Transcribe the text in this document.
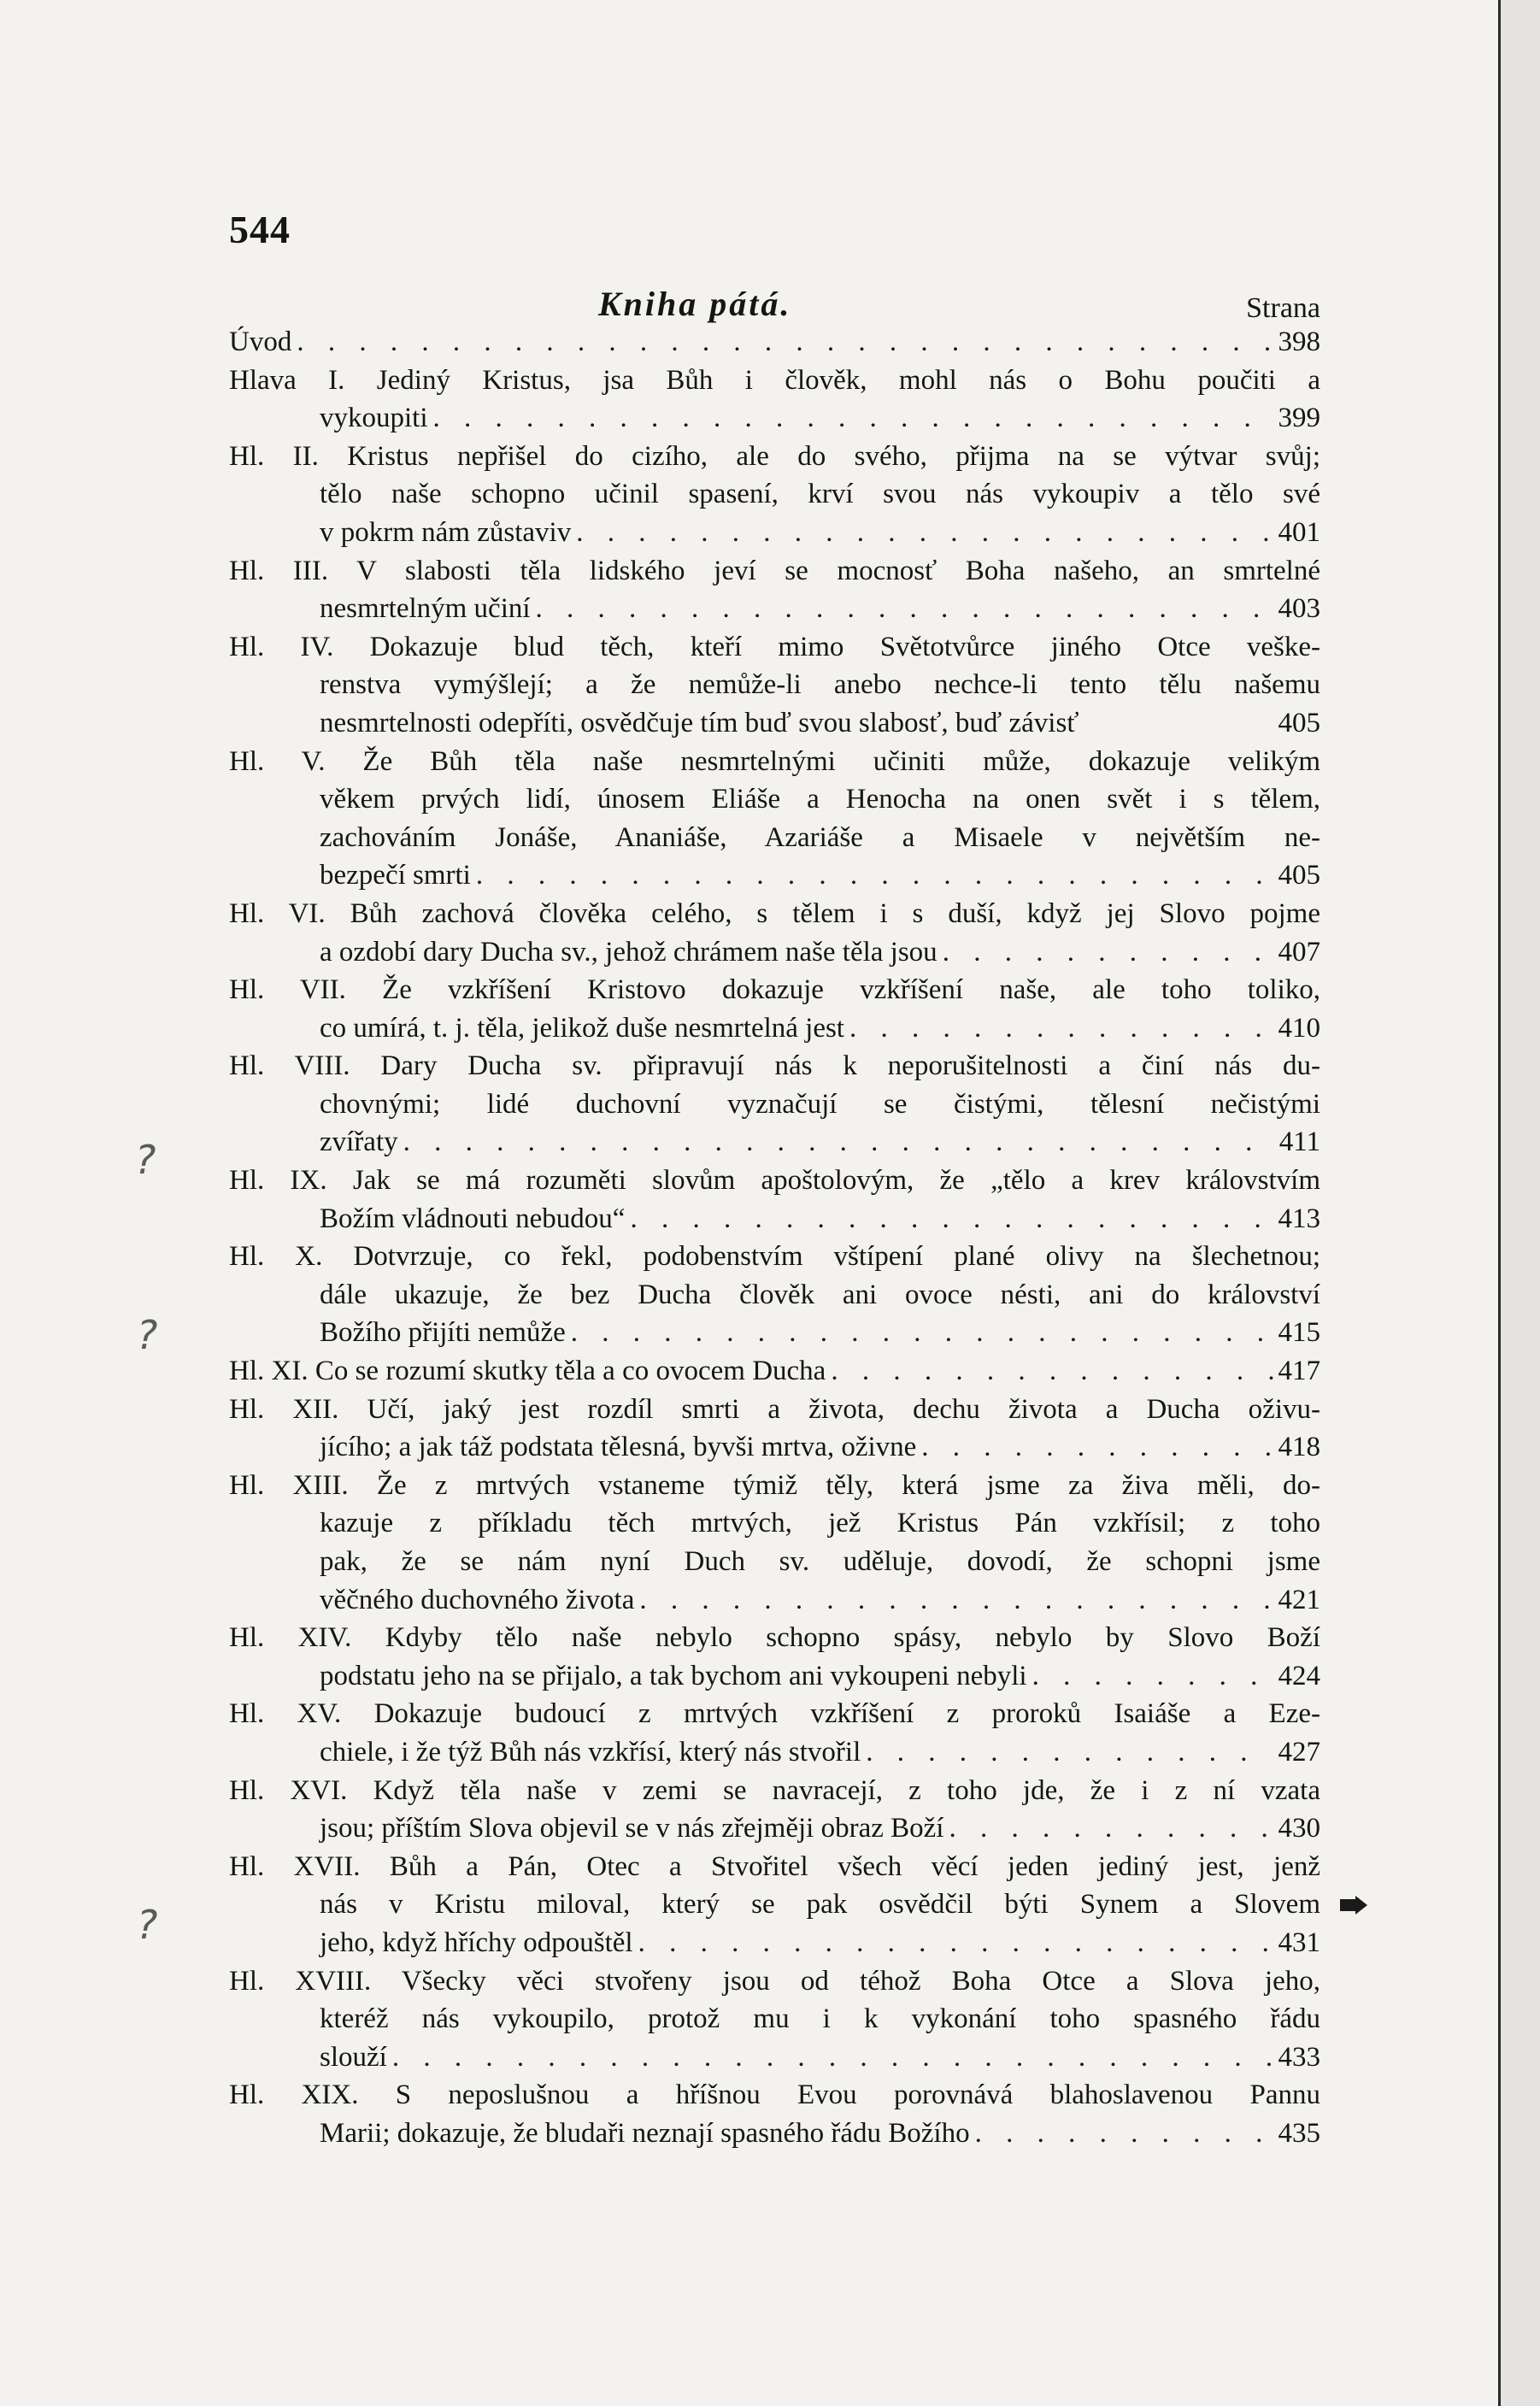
544
Kniha pátá.	Strana
Úvod . . .	398
Hlava I. Jediný Kristus, jsa Bůh i člověk, mohl nás o Bohu poučiti a
vykoupiti . . .	399
Hl. II. Kristus nepřišel do cizího, ale do svého, přijma na se výtvar svůj;
tělo naše schopno učinil spasení, krví svou nás vykoupiv a tělo své
v pokrm nám zůstaviv . . .	401
Hl. III. V slabosti těla lidského jeví se mocnosť Boha našeho, an smrtelné
nesmrtelným učiní . . .	403
Hl. IV. Dokazuje blud těch, kteří mimo Světotvůrce jiného Otce veške-
renstva vymýšlejí; a že nemůže-li anebo nechce-li tento tělu našemu
nesmrtelnosti odepříti, osvědčuje tím buď svou slabosť, buď závisť	405
Hl. V. Že Bůh těla naše nesmrtelnými učiniti může, dokazuje velikým
věkem prvých lidí, únosem Eliáše a Henocha na onen svět i s tělem,
zachováním Jonáše, Ananiáše, Azariáše a Misaele v největším ne-
bezpečí smrti . . .	405
Hl. VI. Bůh zachová člověka celého, s tělem i s duší, když jej Slovo pojme
a ozdobí dary Ducha sv., jehož chrámem naše těla jsou . . .	407
Hl. VII. Že vzkříšení Kristovo dokazuje vzkříšení naše, ale toho toliko,
co umírá, t. j. těla, jelikož duše nesmrtelná jest . . .	410
Hl. VIII. Dary Ducha sv. připravují nás k neporušitelnosti a činí nás du-
chovnými; lidé duchovní vyznačují se čistými, tělesní nečistými
zvířaty . . .	411
Hl. IX. Jak se má rozuměti slovům apoštolovým, že „tělo a krev královstvím
Božím vládnouti nebudou“ . . .	413
Hl. X. Dotvrzuje, co řekl, podobenstvím vštípení plané olivy na šlechetnou;
dále ukazuje, že bez Ducha člověk ani ovoce nésti, ani do království
Božího přijíti nemůže . . .	415
Hl. XI. Co se rozumí skutky těla a co ovocem Ducha . . .	417
Hl. XII. Učí, jaký jest rozdíl smrti a života, dechu života a Ducha oživu-
jícího; a jak táž podstata tělesná, byvši mrtva, oživne . . .	418
Hl. XIII. Že z mrtvých vstaneme týmiž těly, která jsme za živa měli, do-
kazuje z příkladu těch mrtvých, jež Kristus Pán vzkřísil; z toho
pak, že se nám nyní Duch sv. uděluje, dovodí, že schopni jsme
věčného duchovného života . . .	421
Hl. XIV. Kdyby tělo naše nebylo schopno spásy, nebylo by Slovo Boží
podstatu jeho na se přijalo, a tak bychom ani vykoupeni nebyli . . .	424
Hl. XV. Dokazuje budoucí z mrtvých vzkříšení z proroků Isaiáše a Eze-
chiele, i že týž Bůh nás vzkřísí, který nás stvořil . . .	427
Hl. XVI. Když těla naše v zemi se navracejí, z toho jde, že i z ní vzata
jsou; příštím Slova objevil se v nás zřejměji obraz Boží . . .	430
Hl. XVII. Bůh a Pán, Otec a Stvořitel všech věcí jeden jediný jest, jenž
nás v Kristu miloval, který se pak osvědčil býti Synem a Slovem
jeho, když hříchy odpouštěl . . .	431
Hl. XVIII. Všecky věci stvořeny jsou od téhož Boha Otce a Slova jeho,
kteréž nás vykoupilo, protož mu i k vykonání toho spasného řádu
slouží . . .	433
Hl. XIX. S neposlušnou a hříšnou Evou porovnává blahoslavenou Pannu
Marii; dokazuje, že bludaři neznají spasného řádu Božího . . .	435
?
?
?
